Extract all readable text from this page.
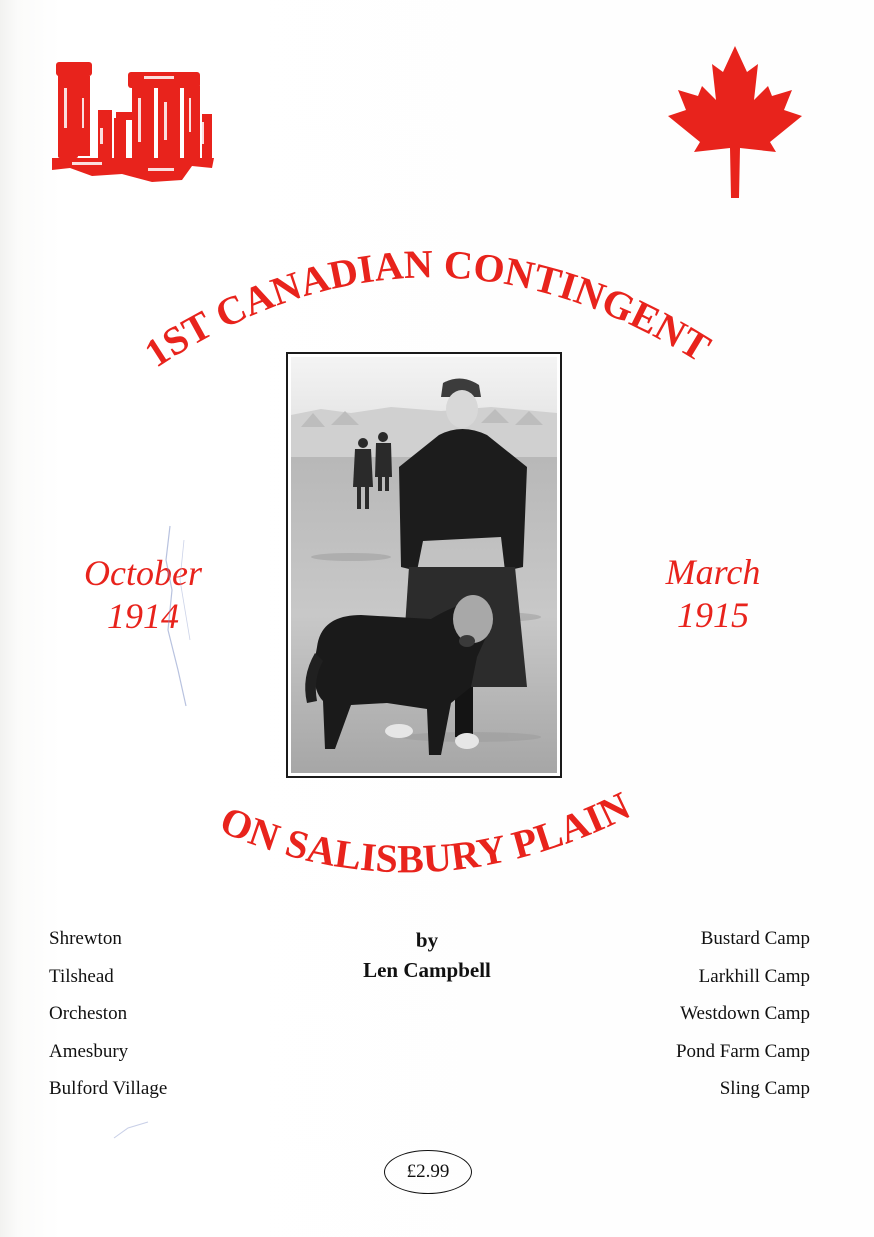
1ST CANADIAN CONTINGENT
ON SALISBURY PLAIN
October
1914
March
1915
Shrewton
Tilshead
Orcheston
Amesbury
Bulford Village
Bustard Camp
Larkhill Camp
Westdown Camp
Pond Farm Camp
Sling Camp
by
Len Campbell
£2.99
